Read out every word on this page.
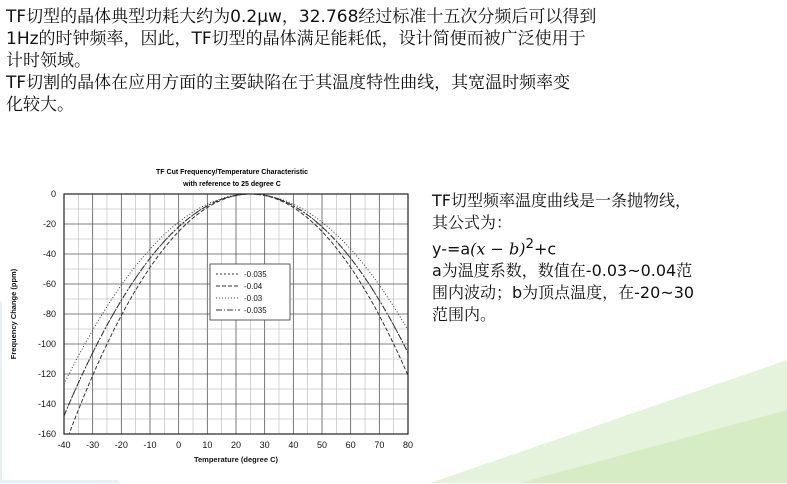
TF切型的晶体典型功耗大约为0.2μw，32.768经过标准十五次分频后可以得到

1Hz的时钟频率，因此，TF切型的晶体满足能耗低，设计简便而被广泛使用于

计时领域。

TF切割的晶体在应用方面的主要缺陷在于其温度特性曲线，其宽温时频率变

化较大。

TF Cut Frequency/Temperature Characteristic
with reference to 25 degree C
0
-20
-40
-60
-80
-100
-120
-140
-160
-40 -30 -20 -10 0 10 20 30 40 50 60 70 80
-0.035
-0.04
-0.03
-0.035
Frequency Change (ppm)
Temperature (degree C)

TF切型频率温度曲线是一条抛物线，

其公式为：

$y-=a(x - b)^2+c$

a为温度系数，数值在-0.03~0.04范

围内波动；b为顶点温度，在-20~30

范围内。
